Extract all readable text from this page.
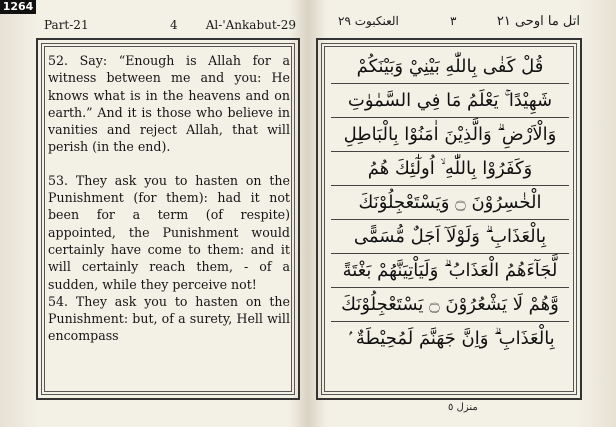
1264
Part-21	4 Al-'Ankabut-29	اتل ما اوحی ۲۱
۳
العنكبوت ۲۹

52. Say: “Enough is Allah for a witness between me and you: He knows what is in the heavens and on earth.” And it is those who believe in vanities and reject Allah, that will perish (in the end).

53. They ask you to hasten on the Punishment (for them): had it not been for a term (of respite) appointed, the Punishment would certainly have come to them: and it will certainly reach them, - of a sudden, while they perceive not!

54. They ask you to hasten on the Punishment: but, of a surety, Hell will encompass

قُلْ كَفٰى بِاللّٰهِ بَيْنِيْ وَبَيْنَكُمْ
شَهِيْدًا ۚ يَعْلَمُ مَا فِي السَّمٰوٰتِ
وَالْاَرْضِ ۗ وَالَّذِيْنَ اٰمَنُوْا بِالْبَاطِلِ
وَكَفَرُوْا بِاللّٰهِ ۙ اُولٰٓئِكَ هُمُ
الْخٰسِرُوْنَ ۝ وَيَسْتَعْجِلُوْنَكَ
بِالْعَذَابِ ۗ وَلَوْلَآ اَجَلٌ مُّسَمًّى
لَّجَآءَهُمُ الْعَذَابُ ۗ وَلَيَاْتِيَنَّهُمْ بَغْتَةً
وَّهُمْ لَا يَشْعُرُوْنَ ۝ يَسْتَعْجِلُوْنَكَ
بِالْعَذَابِ ۗ وَاِنَّ جَهَنَّمَ لَمُحِيْطَةٌ ۢ
منزل ٥
